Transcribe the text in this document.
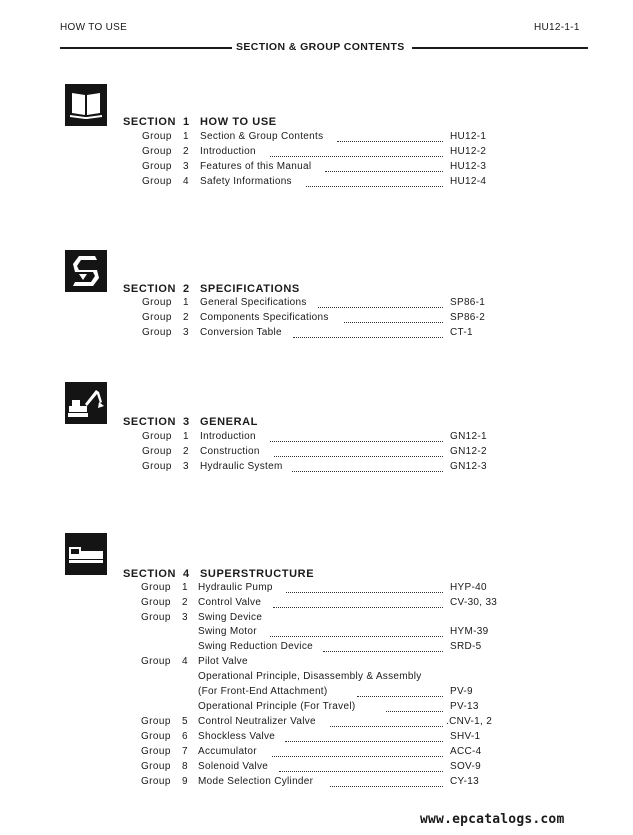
HOW TO USE	HU12-1-1
SECTION & GROUP CONTENTS
SECTION 1 HOW TO USE
Group 1 Section & Group Contents	HU12-1
Group 2 Introduction	HU12-2
Group 3 Features of this Manual	HU12-3
Group 4 Safety Informations	HU12-4
SECTION 2 SPECIFICATIONS
Group 1 General Specifications	SP86-1
Group 2 Components Specifications	SP86-2
Group 3 Conversion Table	CT-1
SECTION 3 GENERAL
Group 1 Introduction	GN12-1
Group 2 Construction	GN12-2
Group 3 Hydraulic System	GN12-3
SECTION 4 SUPERSTRUCTURE
Group 1 Hydraulic Pump	HYP-40
Group 2 Control Valve	CV-30, 33
Group 3 Swing Device
Swing Motor	HYM-39
Swing Reduction Device	SRD-5
Group 4 Pilot Valve
Operational Principle, Disassembly & Assembly
(For Front-End Attachment)	PV-9
Operational Principle (For Travel)	PV-13
Group 5 Control Neutralizer Valve	.CNV-1, 2
Group 6 Shockless Valve	SHV-1
Group 7 Accumulator	ACC-4
Group 8 Solenoid Valve	SOV-9
Group 9 Mode Selection Cylinder	CY-13
www.epcatalogs.com
